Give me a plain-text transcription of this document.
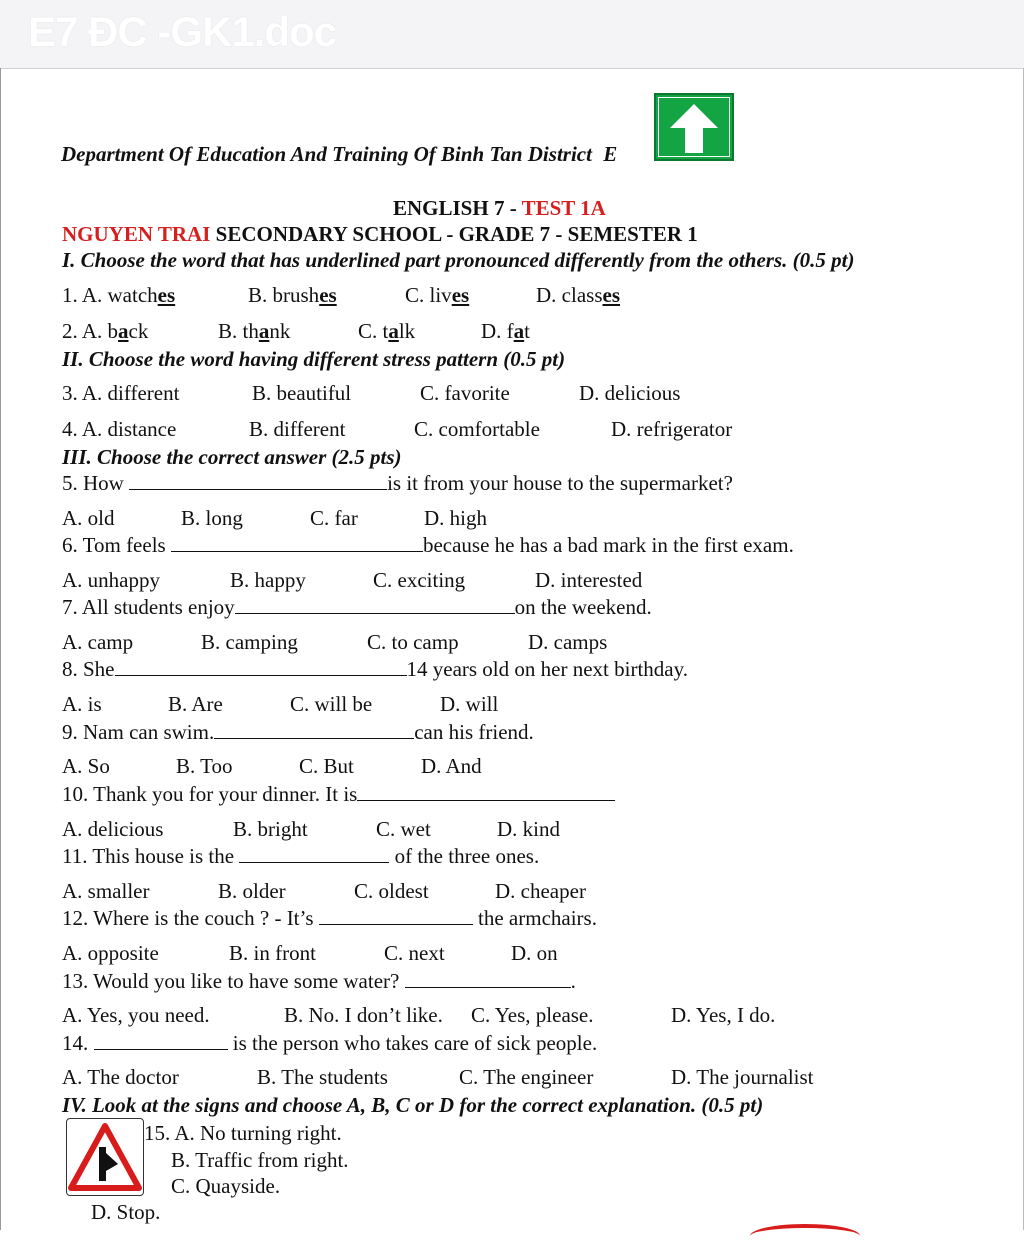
E7 ĐC -GK1.doc
Department Of Education And Training Of Binh Tan District E
ENGLISH 7 - TEST 1A
NGUYEN TRAI SECONDARY SCHOOL - GRADE 7 - SEMESTER 1
I. Choose the word that has underlined part pronounced differently from the others. (0.5 pt)
1. A. watches	B. brushes	C. lives	D. classes
2. A. back	B. thank	C. talk	D. fat
II. Choose the word having different stress pattern (0.5 pt)
3. A. different	B. beautiful	C. favorite	D. delicious
4. A. distance	B. different	C. comfortable	D. refrigerator
III. Choose the correct answer (2.5 pts)
5. How	is it from your house to the supermarket?
A. old	B. long	C. far	D. high
6. Tom feels	because he has a bad mark in the first exam.
A. unhappy	B. happy	C. exciting	D. interested
7. All students enjoy	on the weekend.
A. camp	B. camping	C. to camp	D. camps
8. She	14 years old on her next birthday.
A. is	B. Are	C. will be	D. will
9. Nam can swim.	can his friend.
A. So	B. Too	C. But	D. And
10. Thank you for your dinner. It is
A. delicious	B. bright	C. wet	D. kind
11. This house is the	of the three ones.
A. smaller	B. older	C. oldest	D. cheaper
12. Where is the couch ? - It’s	the armchairs.
A. opposite	B. in front	C. next	D. on
13. Would you like to have some water?	.
A. Yes, you need.	B. No. I don’t like. C. Yes, please.	D. Yes, I do.
14.	is the person who takes care of sick people.
A. The doctor	B. The students	C. The engineer	D. The journalist
IV. Look at the signs and choose A, B, C or D for the correct explanation. (0.5 pt)
15. A. No turning right.
B. Traffic from right.
C. Quayside.
D. Stop.
